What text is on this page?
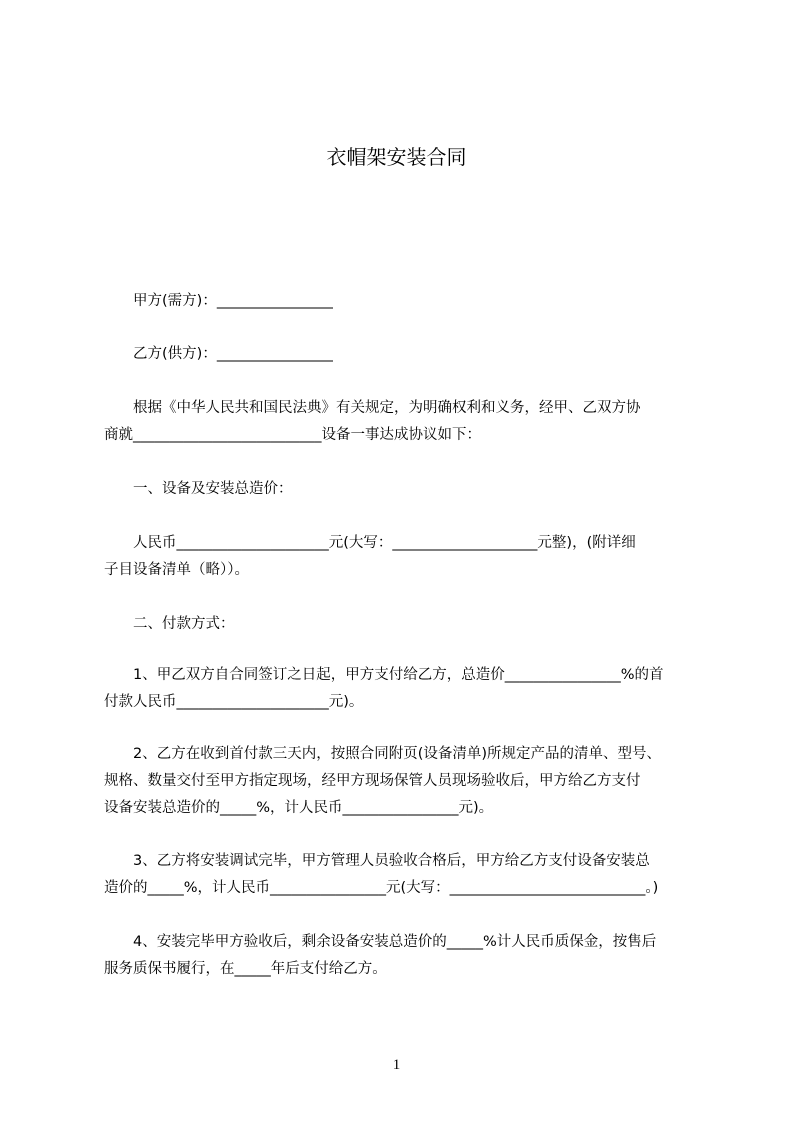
衣帽架安装合同
　　甲方(需方)：________________
　　乙方(供方)：________________
　　根据《中华人民共和国民法典》有关规定，为明确权利和义务，经甲、乙双方协
商就__________________________设备一事达成协议如下：
　　一、设备及安装总造价：
　　人民币_____________________元(大写：____________________元整)，(附详细
子目设备清单（略））。
　　二、付款方式：
　　1、甲乙双方自合同签订之日起，甲方支付给乙方，总造价________________%的首
付款人民币_____________________元)。
　　2、乙方在收到首付款三天内，按照合同附页(设备清单)所规定产品的清单、型号、
规格、数量交付至甲方指定现场，经甲方现场保管人员现场验收后，甲方给乙方支付
设备安装总造价的_____%，计人民币________________元)。
　　3、乙方将安装调试完毕，甲方管理人员验收合格后，甲方给乙方支付设备安装总
造价的_____%，计人民币________________元(大写：___________________________。)
　　4、安装完毕甲方验收后，剩余设备安装总造价的_____%计人民币质保金，按售后
服务质保书履行，在_____年后支付给乙方。
1
